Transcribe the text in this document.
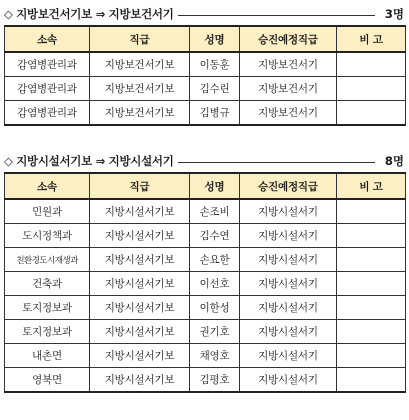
◇ 지방보건서기보 ⇒ 지방보건서기	3명
소속	직급	성명	승진예정직급	비 고
감염병관리과	지방보건서기보	이동훈	지방보건서기	
감염병관리과	지방보건서기보	김수린	지방보건서기	
감염병관리과	지방보건서기보	김병규	지방보건서기	
◇ 지방시설서기보 ⇒ 지방시설서기	8명
소속	직급	성명	승진예정직급	비 고
민원과	지방시설서기보	손조비	지방시설서기	
도시정책과	지방시설서기보	김수연	지방시설서기	
친환경도시재생과	지방시설서기보	손요한	지방시설서기	
건축과	지방시설서기보	이선호	지방시설서기	
토지정보과	지방시설서기보	이한성	지방시설서기	
토지정보과	지방시설서기보	권기호	지방시설서기	
내촌면	지방시설서기보	채영호	지방시설서기	
영북면	지방시설서기보	김평호	지방시설서기	
